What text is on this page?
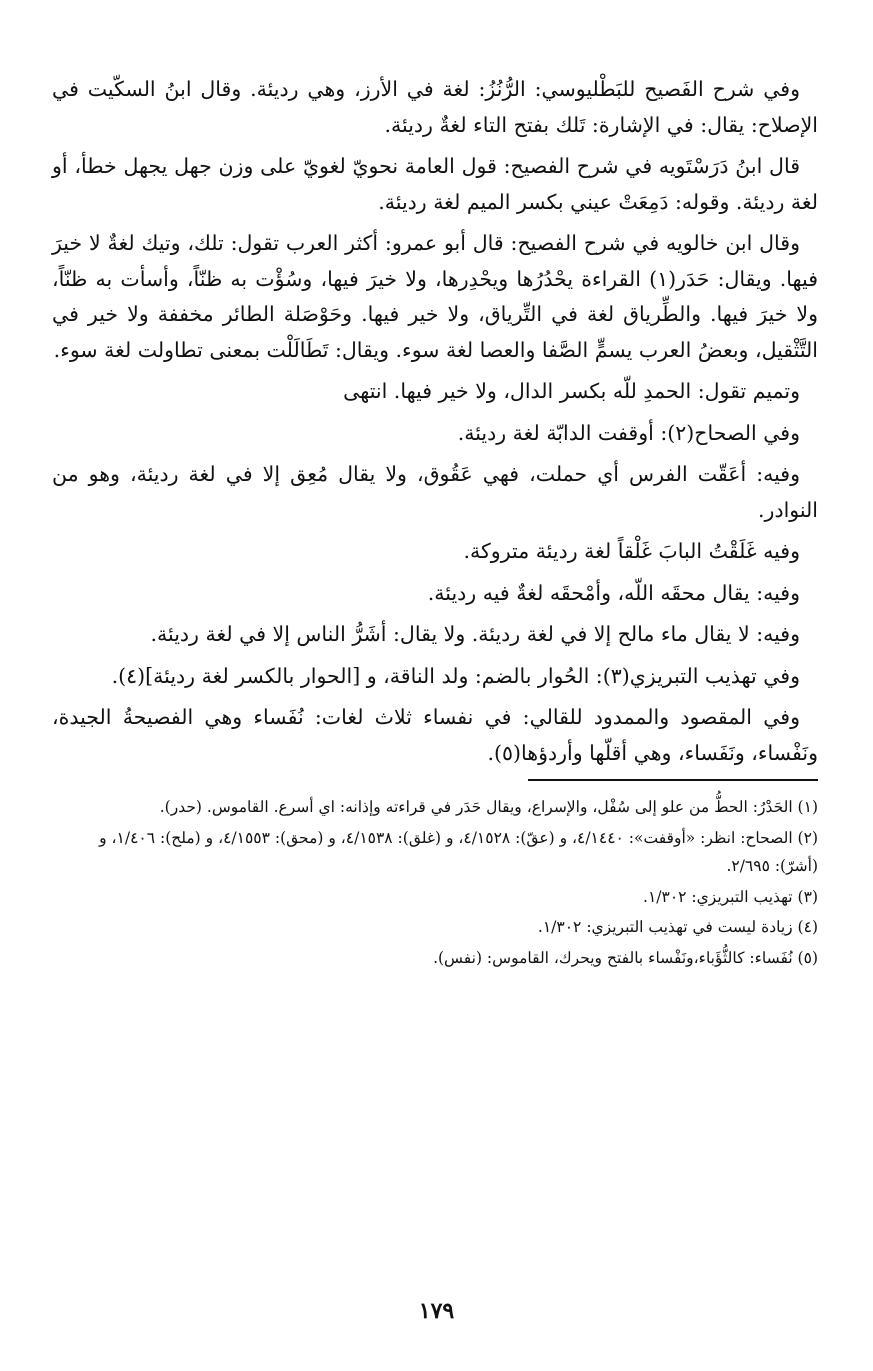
وفي شرح الفَصيح للبَطْليوسي: الرُّنُزُ: لغة في الأرز، وهي رديئة. وقال ابنُ السكّيت في الإصلاح: يقال: في الإشارة: تَلك بفتح التاء لغةٌ رديئة.

قال ابنُ دَرَسْتَويه في شرح الفصيح: قول العامة نحويّ لغويّ على وزن جهل يجهل خطأ، أو لغة رديئة. وقوله: دَمِعَتْ عيني بكسر الميم لغة رديئة.

وقال ابن خالويه في شرح الفصيح: قال أبو عمرو: أكثر العرب تقول: تلك، وتيك لغةٌ لا خيرَ فيها. ويقال: حَدَر(١) القراءة يحْدُرُها ويحْدِرها، ولا خيرَ فيها، وسُؤْت به ظنّاً، وأسأت به ظنّاً، ولا خيرَ فيها. والطِّرياق لغة في التِّرياق، ولا خير فيها. وحَوْصَلة الطائر مخففة ولا خير في التَّثْقيل، وبعضُ العرب يسمٍّ الصَّفا والعصا لغة سوء. ويقال: تَطَالَلْت بمعنى تطاولت لغة سوء.

وتميم تقول: الحمدِ للّه بكسر الدال، ولا خير فيها. انتهى

وفي الصحاح(٢): أوقفت الدابّة لغة رديئة.

وفيه: أعَقّت الفرس أي حملت، فهي عَقُوق، ولا يقال مُعِق إلا في لغة رديئة، وهو من النوادر.

وفيه غَلَقْتُ البابَ غَلْقاً لغة رديئة متروكة.

وفيه: يقال محقَه اللّه، وأمْحقَه لغةٌ فيه رديئة.

وفيه: لا يقال ماء مالح إلا في لغة رديئة. ولا يقال: أشَرُّ الناس إلا في لغة رديئة.

وفي تهذيب التبريزي(٣): الحُوار بالضم: ولد الناقة، و [الحوار بالكسر لغة رديئة](٤).

وفي المقصود والممدود للقالي: في نفساء ثلاث لغات: نُفَساء وهي الفصيحةُ الجيدة، ونَفْساء، ونَفَساء، وهي أقلّها وأردؤها(٥).

(١) الحَدْرُ: الحطُّ من علو إلى سُفْل، والإسراع، ويقال حَدَر في قراءته وإذانه: اي أسرع. القاموس. (حدر).

(٢) الصحاح: انظر: «أوقفت»: ٤/١٤٤٠، و (عقّ): ٤/١٥٢٨، و (غلق): ٤/١٥٣٨، و (محق): ٤/١٥٥٣، و (ملح): ١/٤٠٦، و (أشرّ): ٢/٦٩٥.

(٣) تهذيب التبريزي: ١/٣٠٢.

(٤) زيادة ليست في تهذيب التبريزي: ١/٣٠٢.

(٥) نُفَساء: كالثُّؤَباء،ونَفْساء بالفتح ويحرك، القاموس: (نفس).

١٧٩
